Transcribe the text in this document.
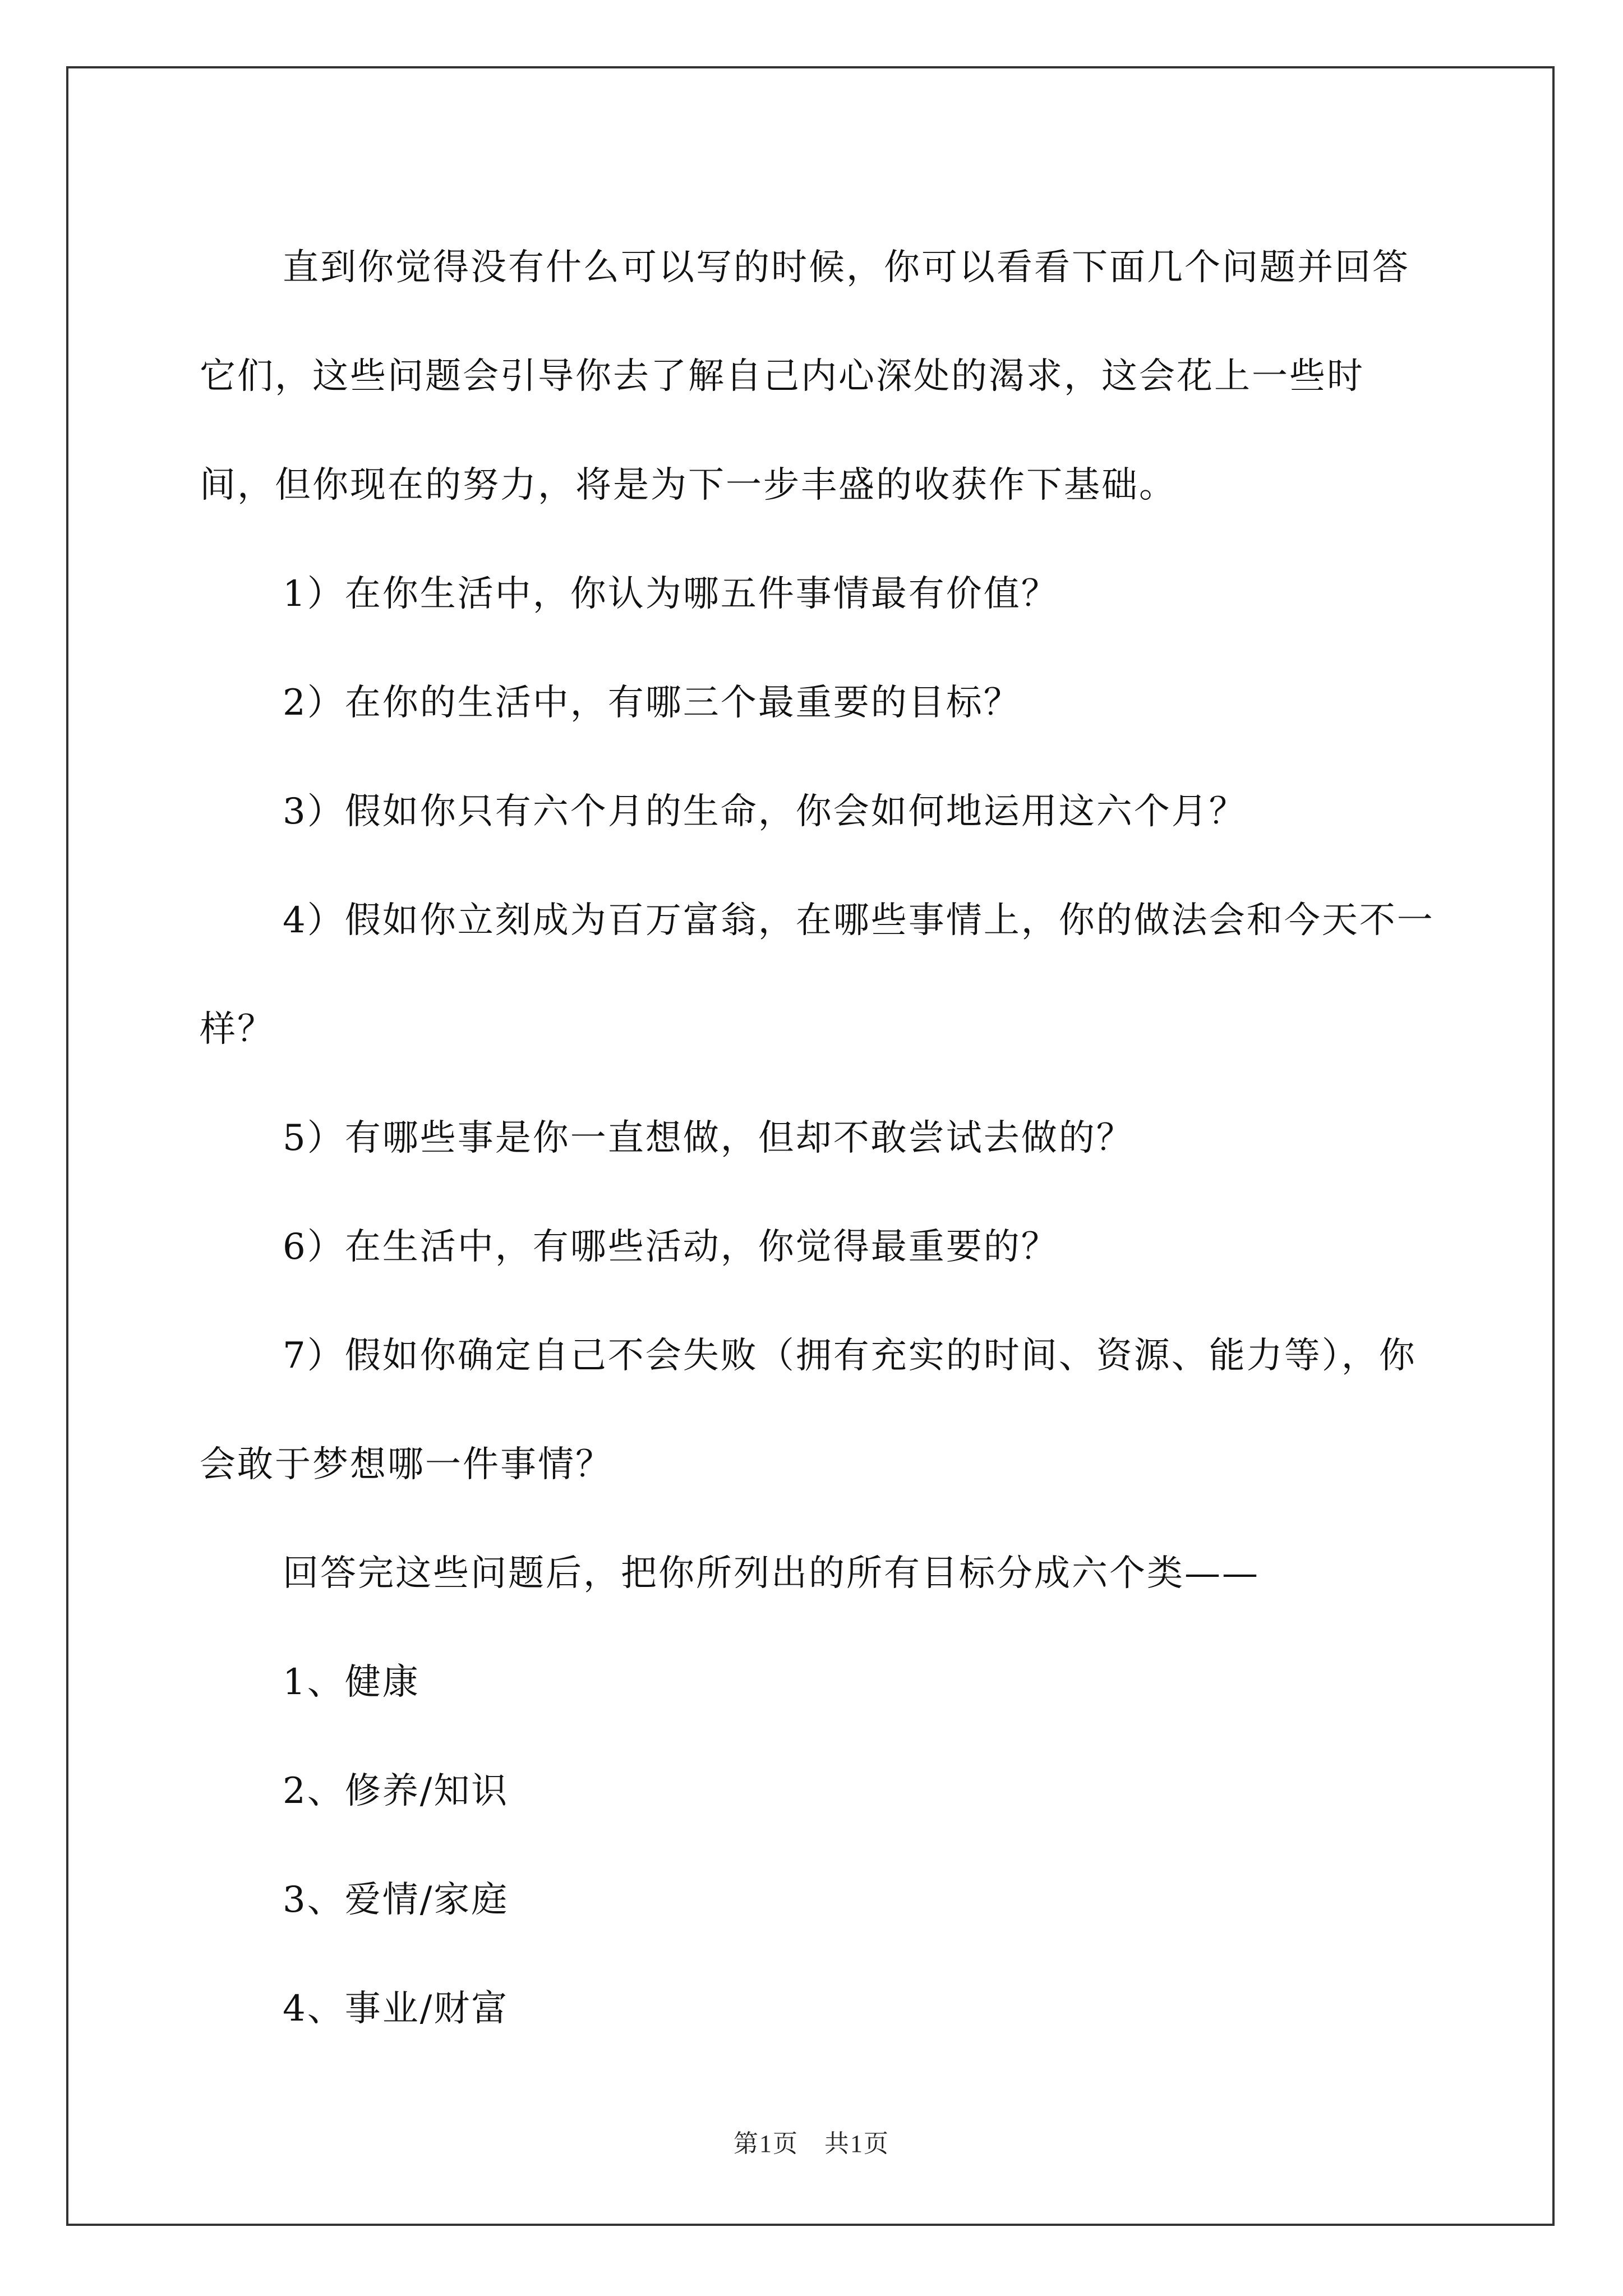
直到你觉得没有什么可以写的时候，你可以看看下面几个问题并回答它们，这些问题会引导你去了解自己内心深处的渴求，这会花上一些时间，但你现在的努力，将是为下一步丰盛的收获作下基础。

1）在你生活中，你认为哪五件事情最有价值？

2）在你的生活中，有哪三个最重要的目标？

3）假如你只有六个月的生命，你会如何地运用这六个月？

4）假如你立刻成为百万富翁，在哪些事情上，你的做法会和今天不一样？

5）有哪些事是你一直想做，但却不敢尝试去做的？

6）在生活中，有哪些活动，你觉得最重要的？

7）假如你确定自己不会失败（拥有充实的时间、资源、能力等），你会敢于梦想哪一件事情？

回答完这些问题后，把你所列出的所有目标分成六个类——

1、健康

2、修养/知识

3、爱情/家庭

4、事业/财富

第1页　共1页
